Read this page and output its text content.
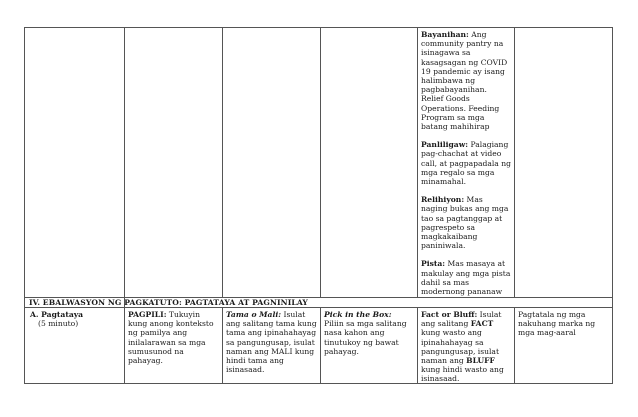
Bayanihan: Ang community pantry na isinagawa sa kasagsagan ng COVID 19 pandemic ay isang halimbawa ng pagbabayanihan. Relief Goods Operations. Feeding Program sa mga batang mahihirap

Panliligaw: Palagiang pag-chachat at video call, at pagpapadala ng mga regalo sa mga minamahal.

Relihiyon: Mas naging bukas ang mga tao sa pagtanggap at pagrespeto sa magkakaibang paniniwala.

Pista: Mas masaya at makulay ang mga pista dahil sa mas modernong pananaw

IV. EBALWASYON NG PAGKATUTO: PAGTATAYA AT PAGNINILAY
A. Pagtataya
(5 minuto)
PAGPILI: Tukuyin kung anong konteksto ng pamilya ang inilalarawan sa mga sumusunod na pahayag.
Tama o Mali: Isulat ang salitang tama kung tama ang ipinahahayag sa pangungusap, isulat naman ang MALI kung hindi tama ang isinasaad.
Pick in the Box:
Piliin sa mga salitang nasa kahon ang tinutukoy ng bawat pahayag.
Fact or Bluff: Isulat ang salitang FACT kung wasto ang ipinahahayag sa pangungusap, isulat naman ang BLUFF kung hindi wasto ang isinasaad.
Pagtatala ng mga nakuhang marka ng mga mag-aaral
